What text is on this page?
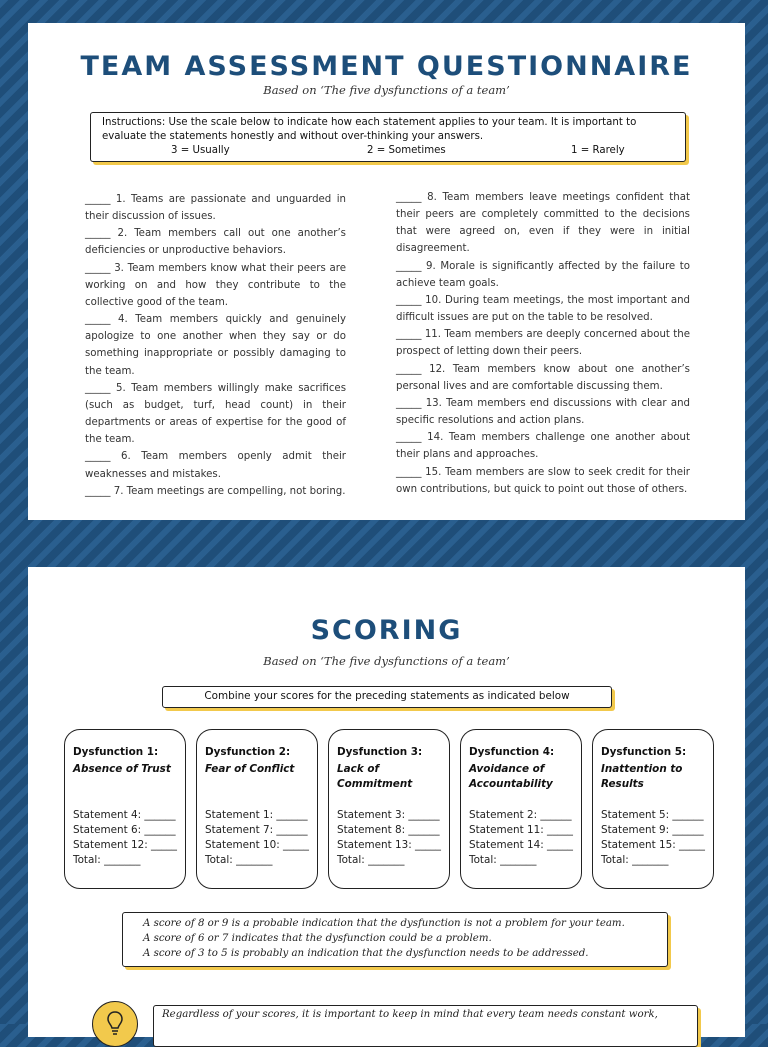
TEAM ASSESSMENT QUESTIONNAIRE
Based on ‘The five dysfunctions of a team’
Instructions: Use the scale below to indicate how each statement applies to your team. It is important to evaluate the statements honestly and without over-thinking your answers.
3 = Usually	2 = Sometimes	1 = Rarely

_____ 1. Teams are passionate and unguarded in their discussion of issues.

_____ 2. Team members call out one another’s deficiencies or unproductive behaviors.

_____ 3. Team members know what their peers are working on and how they contribute to the collective good of the team.

_____ 4. Team members quickly and genuinely apologize to one another when they say or do something inappropriate or possibly damaging to the team.

_____ 5. Team members willingly make sacrifices (such as budget, turf, head count) in their departments or areas of expertise for the good of the team.

_____ 6. Team members openly admit their weaknesses and mistakes.

_____ 7. Team meetings are compelling, not boring.

_____ 8. Team members leave meetings confident that their peers are completely committed to the decisions that were agreed on, even if they were in initial disagreement.

_____ 9. Morale is significantly affected by the failure to achieve team goals.

_____ 10. During team meetings, the most important and difficult issues are put on the table to be resolved.

_____ 11. Team members are deeply concerned about the prospect of letting down their peers.

_____ 12. Team members know about one another’s personal lives and are comfortable discussing them.

_____ 13. Team members end discussions with clear and specific resolutions and action plans.

_____ 14. Team members challenge one another about their plans and approaches.

_____ 15. Team members are slow to seek credit for their own contributions, but quick to point out those of others.

SCORING
Based on ‘The five dysfunctions of a team’
Combine your scores for the preceding statements as indicated below
Dysfunction 1:
Absence of Trust
Statement 4: ______
Statement 6: ______
Statement 12: _____
Total: _______
Dysfunction 2:
Fear of Conflict
Statement 1: ______
Statement 7: ______
Statement 10: _____
Total: _______
Dysfunction 3:
Lack of Commitment
Statement 3: ______
Statement 8: ______
Statement 13: _____
Total: _______
Dysfunction 4:
Avoidance of Accountability
Statement 2: ______
Statement 11: _____
Statement 14: _____
Total: _______
Dysfunction 5:
Inattention to Results
Statement 5: ______
Statement 9: ______
Statement 15: _____
Total: _______
A score of 8 or 9 is a probable indication that the dysfunction is not a problem for your team.
A score of 6 or 7 indicates that the dysfunction could be a problem.
A score of 3 to 5 is probably an indication that the dysfunction needs to be addressed.
Regardless of your scores, it is important to keep in mind that every team needs constant work,
